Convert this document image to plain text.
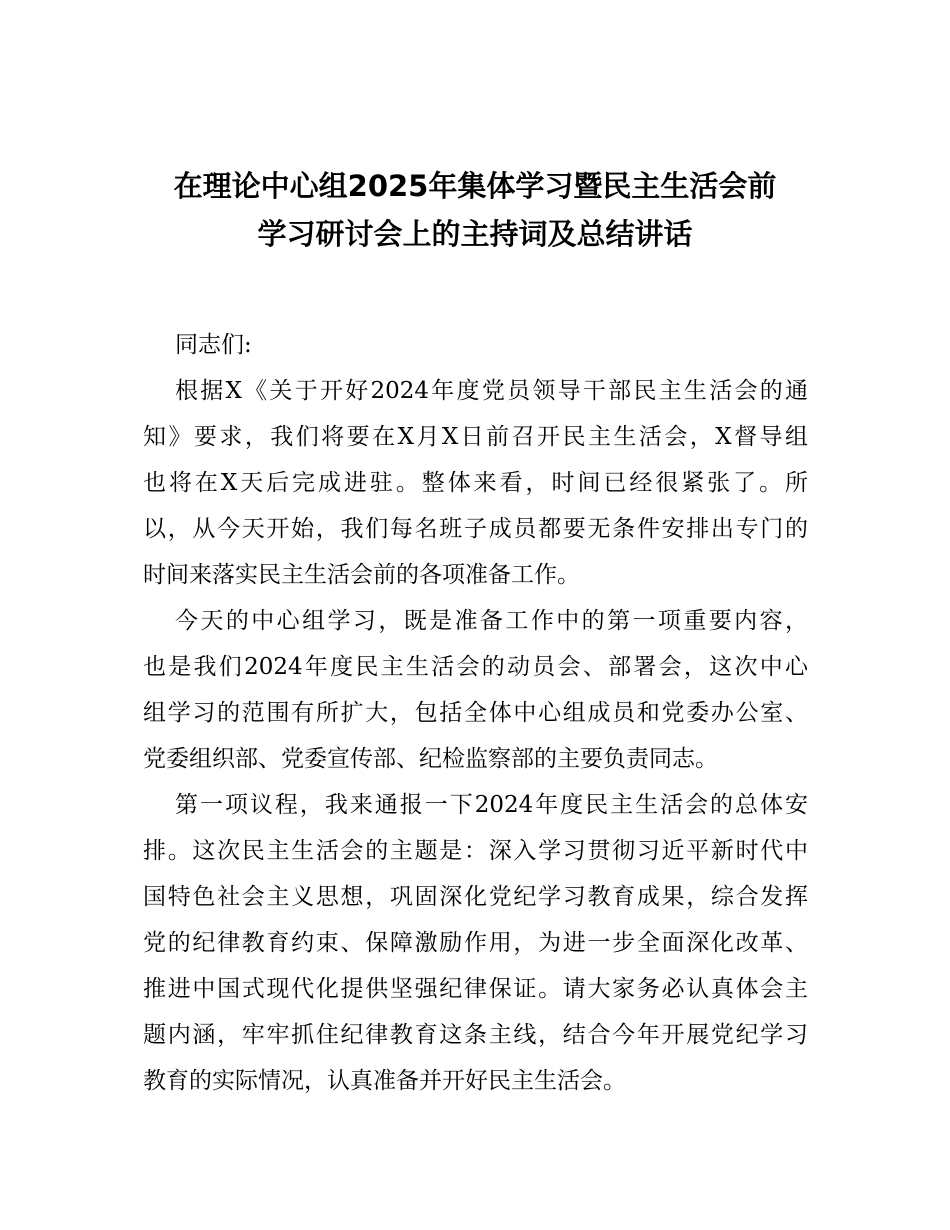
在理论中心组2025年集体学习暨民主生活会前
学习研讨会上的主持词及总结讲话
同志们:
根据X《关于开好2024年度党员领导干部民主生活会的通
知》要求，我们将要在X月X日前召开民主生活会，X督导组
也将在X天后完成进驻。整体来看，时间已经很紧张了。所
以，从今天开始，我们每名班子成员都要无条件安排出专门的
时间来落实民主生活会前的各项准备工作。
今天的中心组学习，既是准备工作中的第一项重要内容，
也是我们2024年度民主生活会的动员会、部署会，这次中心
组学习的范围有所扩大，包括全体中心组成员和党委办公室、
党委组织部、党委宣传部、纪检监察部的主要负责同志。
第一项议程，我来通报一下2024年度民主生活会的总体安
排。这次民主生活会的主题是：深入学习贯彻习近平新时代中
国特色社会主义思想，巩固深化党纪学习教育成果，综合发挥
党的纪律教育约束、保障激励作用，为进一步全面深化改革、
推进中国式现代化提供坚强纪律保证。请大家务必认真体会主
题内涵，牢牢抓住纪律教育这条主线，结合今年开展党纪学习
教育的实际情况，认真准备并开好民主生活会。
